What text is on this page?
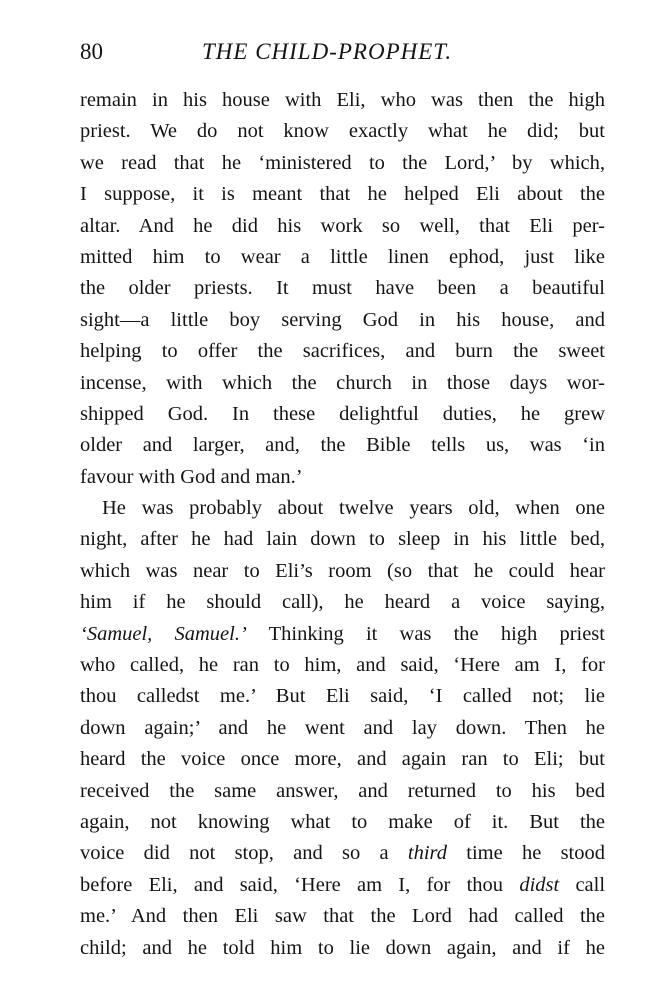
80	THE CHILD-PROPHET.
remain in his house with Eli, who was then the high
priest. We do not know exactly what he did; but
we read that he ‘ministered to the Lord,’ by which,
I suppose, it is meant that he helped Eli about the
altar. And he did his work so well, that Eli per-
mitted him to wear a little linen ephod, just like
the older priests. It must have been a beautiful
sight—a little boy serving God in his house, and
helping to offer the sacrifices, and burn the sweet
incense, with which the church in those days wor-
shipped God. In these delightful duties, he grew
older and larger, and, the Bible tells us, was ‘in
favour with God and man.’
He was probably about twelve years old, when one
night, after he had lain down to sleep in his little bed,
which was near to Eli’s room (so that he could hear
him if he should call), he heard a voice saying,
‘Samuel, Samuel.’ Thinking it was the high priest
who called, he ran to him, and said, ‘Here am I, for
thou calledst me.’ But Eli said, ‘I called not; lie
down again;’ and he went and lay down. Then he
heard the voice once more, and again ran to Eli; but
received the same answer, and returned to his bed
again, not knowing what to make of it. But the
voice did not stop, and so a third time he stood
before Eli, and said, ‘Here am I, for thou didst call
me.’ And then Eli saw that the Lord had called the
child; and he told him to lie down again, and if he
